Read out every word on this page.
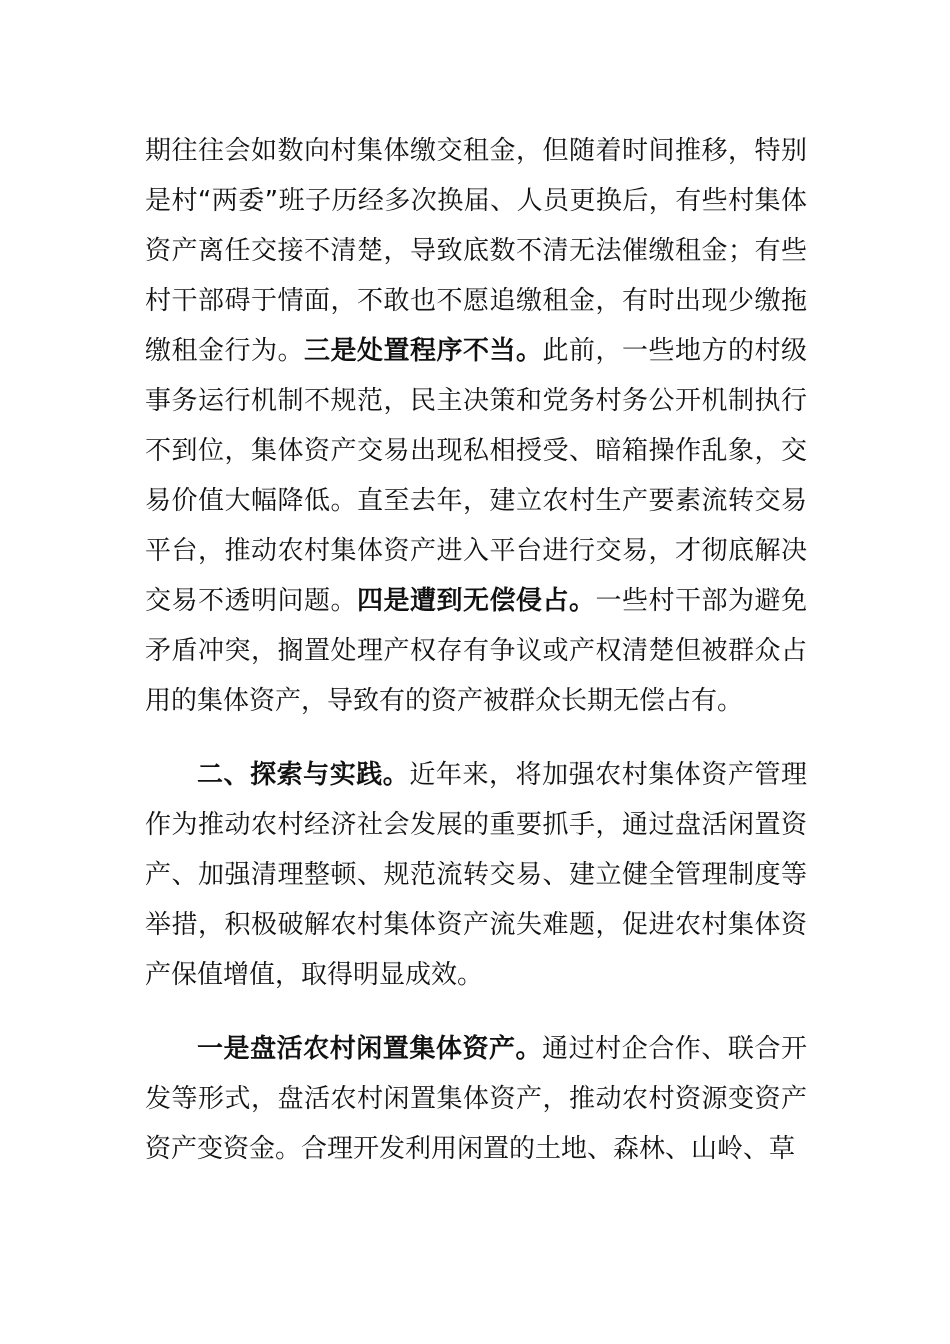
期往往会如数向村集体缴交租金，但随着时间推移，特别是村“两委”班子历经多次换届、人员更换后，有些村集体资产离任交接不清楚，导致底数不清无法催缴租金；有些村干部碍于情面，不敢也不愿追缴租金，有时出现少缴拖缴租金行为。三是处置程序不当。此前，一些地方的村级事务运行机制不规范，民主决策和党务村务公开机制执行不到位，集体资产交易出现私相授受、暗箱操作乱象，交易价值大幅降低。直至去年，建立农村生产要素流转交易平台，推动农村集体资产进入平台进行交易，才彻底解决交易不透明问题。四是遭到无偿侵占。一些村干部为避免矛盾冲突，搁置处理产权存有争议或产权清楚但被群众占用的集体资产，导致有的资产被群众长期无偿占有。

二、探索与实践。近年来，将加强农村集体资产管理作为推动农村经济社会发展的重要抓手，通过盘活闲置资产、加强清理整顿、规范流转交易、建立健全管理制度等举措，积极破解农村集体资产流失难题，促进农村集体资产保值增值，取得明显成效。

一是盘活农村闲置集体资产。通过村企合作、联合开发等形式，盘活农村闲置集体资产，推动农村资源变资产资产变资金。合理开发利用闲置的土地、森林、山岭、草
